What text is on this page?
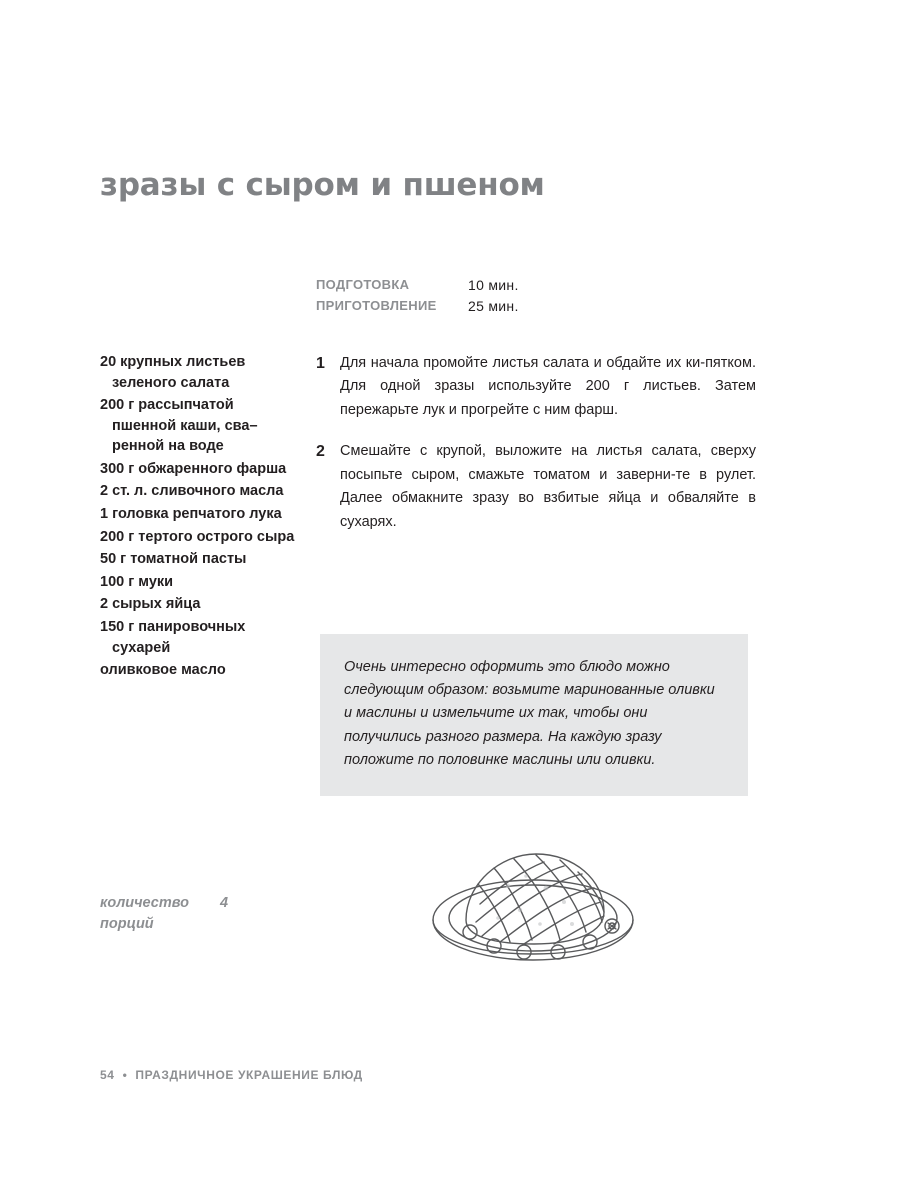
зразы с сыром и пшеном
ПОДГОТОВКА	10 мин.
ПРИГОТОВЛЕНИЕ	25 мин.
20 крупных листьев зеленого салата
200 г рассыпчатой пшенной каши, сва–ренной на воде
300 г обжаренного фарша
2 ст. л. сливочного масла
1 головка репчатого лука
200 г тертого острого сыра
50 г томатной пасты
100 г муки
2 сырых яйца
150 г панировочных сухарей
оливковое масло
количество порций
4
1	Для начала промойте листья салата и обдайте их ки-пятком. Для одной зразы используйте 200 г листьев. Затем пережарьте лук и прогрейте с ним фарш.
2	Смешайте с крупой, выложите на листья салата, сверху посыпьте сыром, смажьте томатом и заверни-те в рулет. Далее обмакните зразу во взбитые яйца и обваляйте в сухарях.
Очень интересно оформить это блюдо можно следующим образом: возьмите маринованные оливки и маслины и измельчите их так, чтобы они получились разного размера. На каждую зразу положите по половинке маслины или оливки.
54 • ПРАЗДНИЧНОЕ УКРАШЕНИЕ БЛЮД
